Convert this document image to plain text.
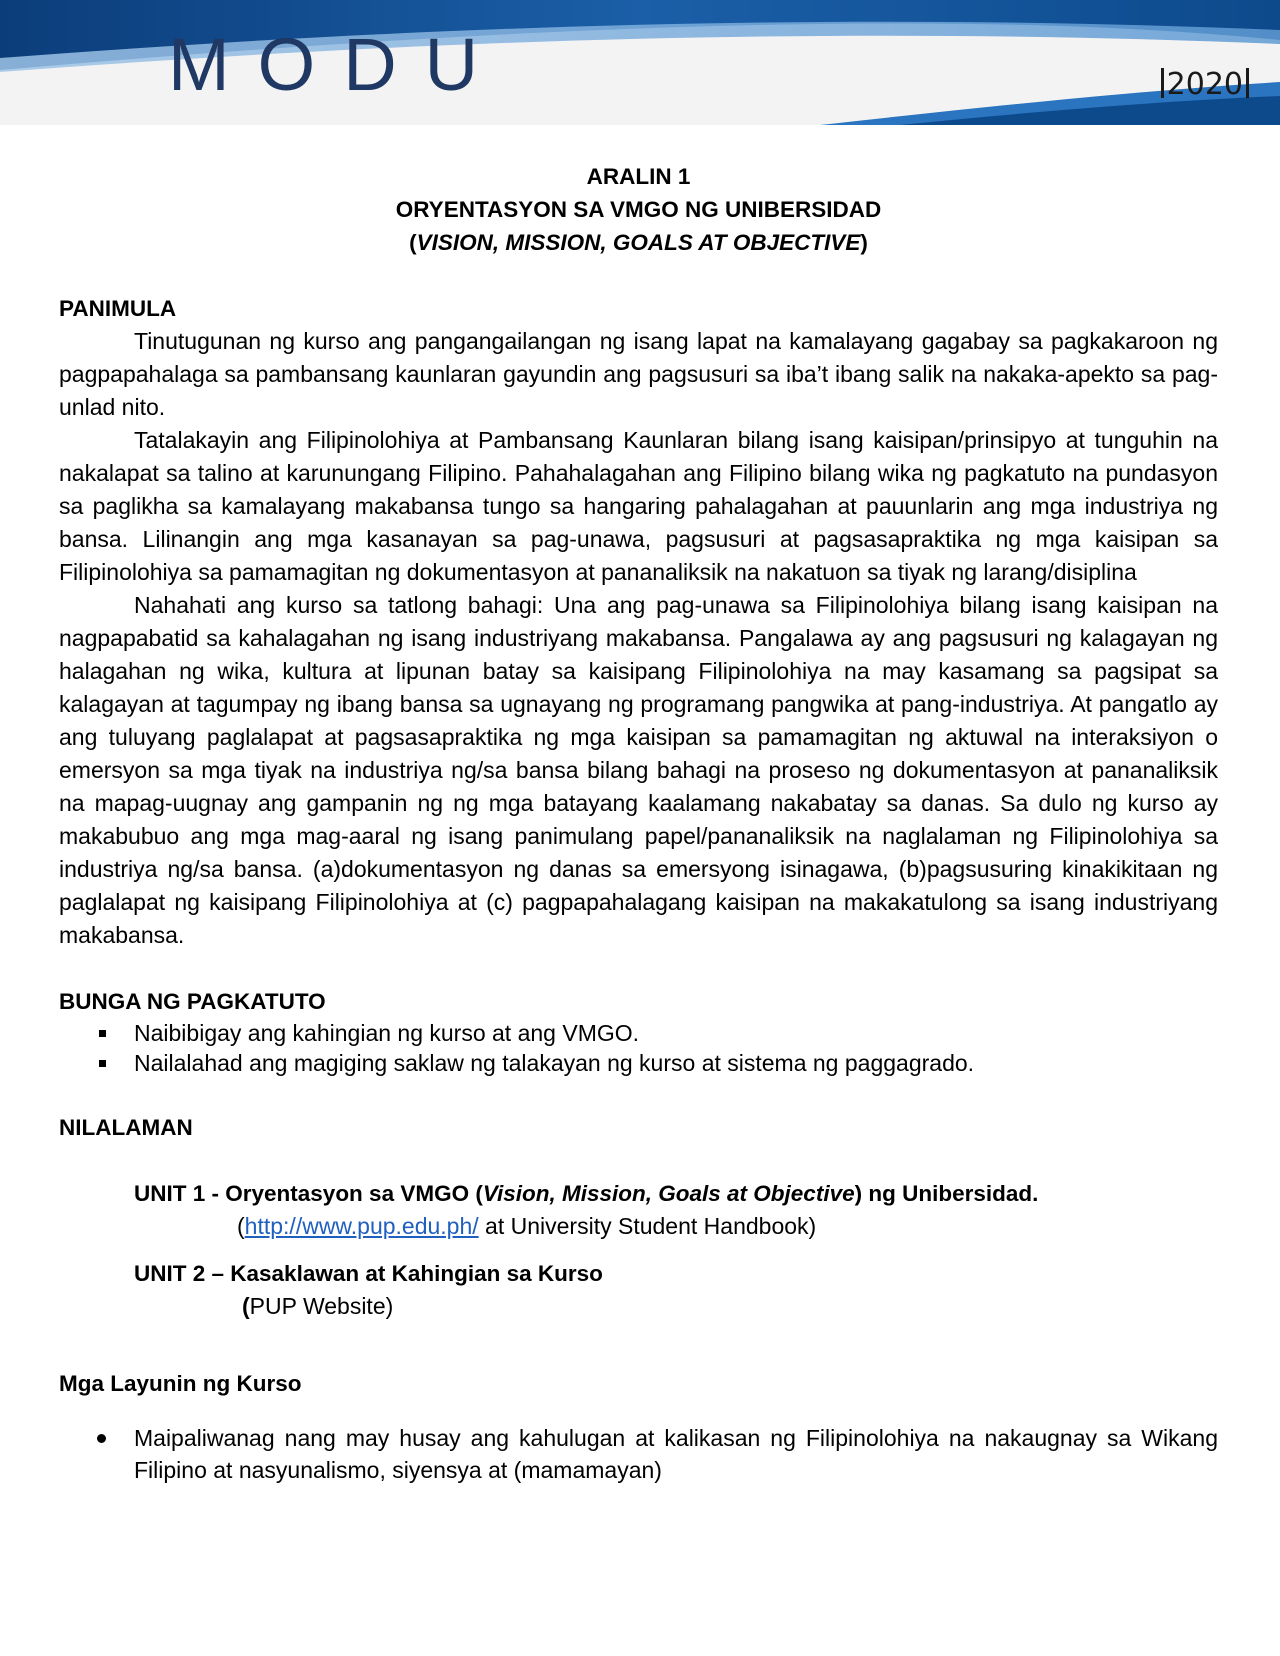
MODU	2020
ARALIN 1
ORYENTASYON SA VMGO NG UNIBERSIDAD
(VISION, MISSION, GOALS AT OBJECTIVE)
PANIMULA

Tinutugunan ng kurso ang pangangailangan ng isang lapat na kamalayang gagabay sa pagkakaroon ng pagpapahalaga sa pambansang kaunlaran gayundin ang pagsusuri sa iba’t ibang salik na nakaka-apekto sa pag-unlad nito.

Tatalakayin ang Filipinolohiya at Pambansang Kaunlaran bilang isang kaisipan/prinsipyo at tunguhin na nakalapat sa talino at karunungang Filipino. Pahahalagahan ang Filipino bilang wika ng pagkatuto na pundasyon sa paglikha sa kamalayang makabansa tungo sa hangaring pahalagahan at pauunlarin ang mga industriya ng bansa. Lilinangin ang mga kasanayan sa pag-unawa, pagsusuri at pagsasapraktika ng mga kaisipan sa Filipinolohiya sa pamamagitan ng dokumentasyon at pananaliksik na nakatuon sa tiyak ng larang/disiplina

Nahahati ang kurso sa tatlong bahagi: Una ang pag-unawa sa Filipinolohiya bilang isang kaisipan na nagpapabatid sa kahalagahan ng isang industriyang makabansa. Pangalawa ay ang pagsusuri ng kalagayan ng halagahan ng wika, kultura at lipunan batay sa kaisipang Filipinolohiya na may kasamang sa pagsipat sa kalagayan at tagumpay ng ibang bansa sa ugnayang ng programang pangwika at pang-industriya. At pangatlo ay ang tuluyang paglalapat at pagsasapraktika ng mga kaisipan sa pamamagitan ng aktuwal na interaksiyon o emersyon sa mga tiyak na industriya ng/sa bansa bilang bahagi na proseso ng dokumentasyon at pananaliksik na mapag-uugnay ang gampanin ng ng mga batayang kaalamang nakabatay sa danas. Sa dulo ng kurso ay makabubuo ang mga mag-aaral ng isang panimulang papel/pananaliksik na naglalaman ng Filipinolohiya sa industriya ng/sa bansa. (a)dokumentasyon ng danas sa emersyong isinagawa, (b)pagsusuring kinakikitaan ng paglalapat ng kaisipang Filipinolohiya at (c) pagpapahalagang kaisipan na makakatulong sa isang industriyang makabansa.

BUNGA NG PAGKATUTO
Naibibigay ang kahingian ng kurso at ang VMGO.
Nailalahad ang magiging saklaw ng talakayan ng kurso at sistema ng paggagrado.
NILALAMAN
UNIT 1 - Oryentasyon sa VMGO (Vision, Mission, Goals at Objective) ng Unibersidad.
(http://www.pup.edu.ph/ at University Student Handbook)
UNIT 2 – Kasaklawan at Kahingian sa Kurso
(PUP Website)
Mga Layunin ng Kurso
Maipaliwanag nang may husay ang kahulugan at kalikasan ng Filipinolohiya na nakaugnay sa Wikang Filipino at nasyunalismo, siyensya at (mamamayan)
